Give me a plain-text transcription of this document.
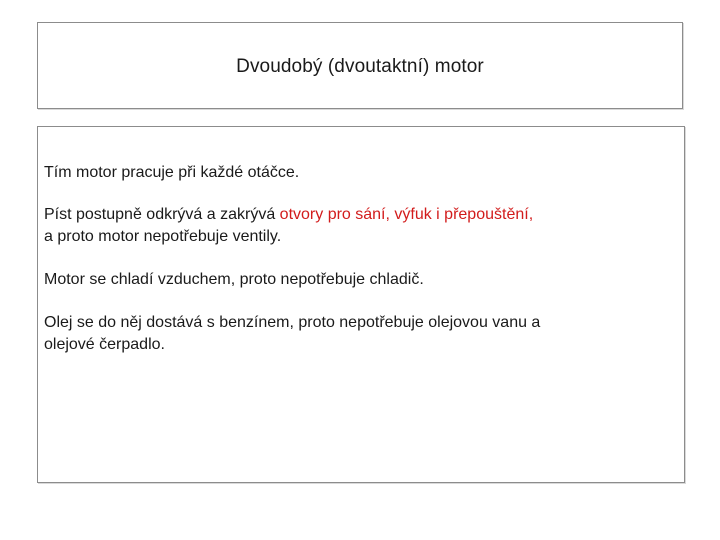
Dvoudobý (dvoutaktní) motor

Tím motor pracuje při každé otáčce.

Píst postupně odkrývá a zakrývá otvory pro sání, výfuk i přepouštění,
a proto motor nepotřebuje ventily.

Motor se chladí vzduchem, proto nepotřebuje chladič.

Olej se do něj dostává s benzínem, proto nepotřebuje olejovou vanu a
olejové čerpadlo.
